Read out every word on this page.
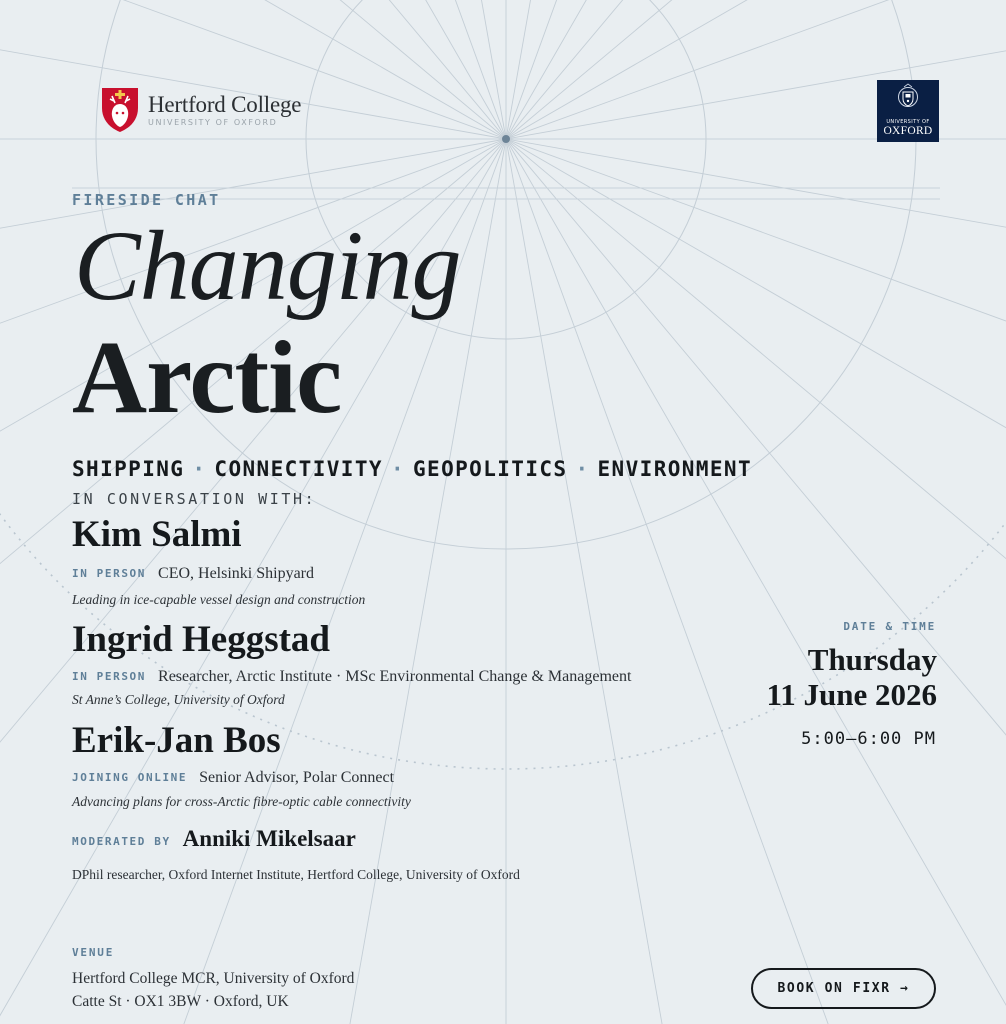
Hertford College
UNIVERSITY OF OXFORD	UNIVERSITY OF
OXFORD
FIRESIDE CHAT
Changing
Arctic
SHIPPING · CONNECTIVITY · GEOPOLITICS · ENVIRONMENT
IN CONVERSATION WITH:
Kim Salmi
IN PERSON CEO, Helsinki Shipyard
Leading in ice-capable vessel design and construction
Ingrid Heggstad
IN PERSON Researcher, Arctic Institute · MSc Environmental Change & Management
St Anne’s College, University of Oxford
Erik-Jan Bos
JOINING ONLINE Senior Advisor, Polar Connect
Advancing plans for cross-Arctic fibre-optic cable connectivity
MODERATED BY Anniki Mikelsaar
DPhil researcher, Oxford Internet Institute, Hertford College, University of Oxford
DATE & TIME
Thursday
11 June 2026
5:00–6:00 PM
VENUE
Hertford College MCR, University of Oxford
Catte St · OX1 3BW · Oxford, UK
BOOK ON FIXR →
